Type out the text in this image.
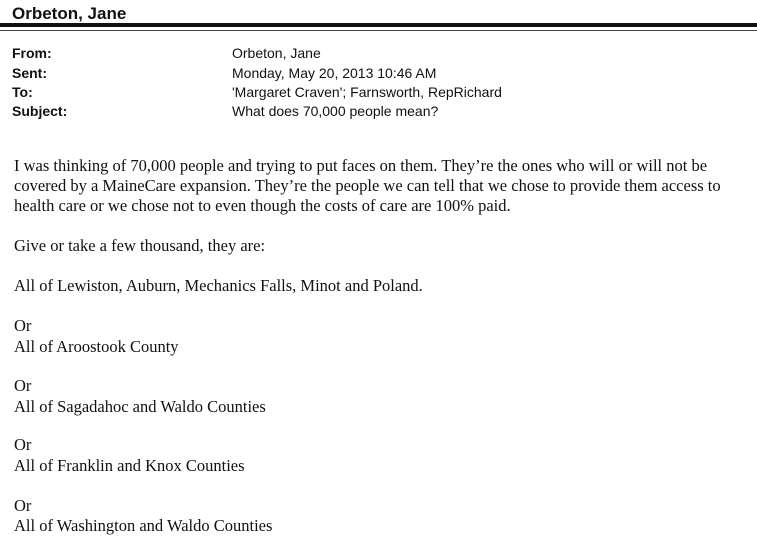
Orbeton, Jane
From:	Orbeton, Jane
Sent:	Monday, May 20, 2013 10:46 AM
To:	'Margaret Craven'; Farnsworth, RepRichard
Subject:	What does 70,000 people mean?
I was thinking of 70,000 people and trying to put faces on them. They’re the ones who will or will not be
covered by a MaineCare expansion. They’re the people we can tell that we chose to provide them access to
health care or we chose not to even though the costs of care are 100% paid.
Give or take a few thousand, they are:
All of Lewiston, Auburn, Mechanics Falls, Minot and Poland.
Or
All of Aroostook County
Or
All of Sagadahoc and Waldo Counties
Or
All of Franklin and Knox Counties
Or
All of Washington and Waldo Counties
